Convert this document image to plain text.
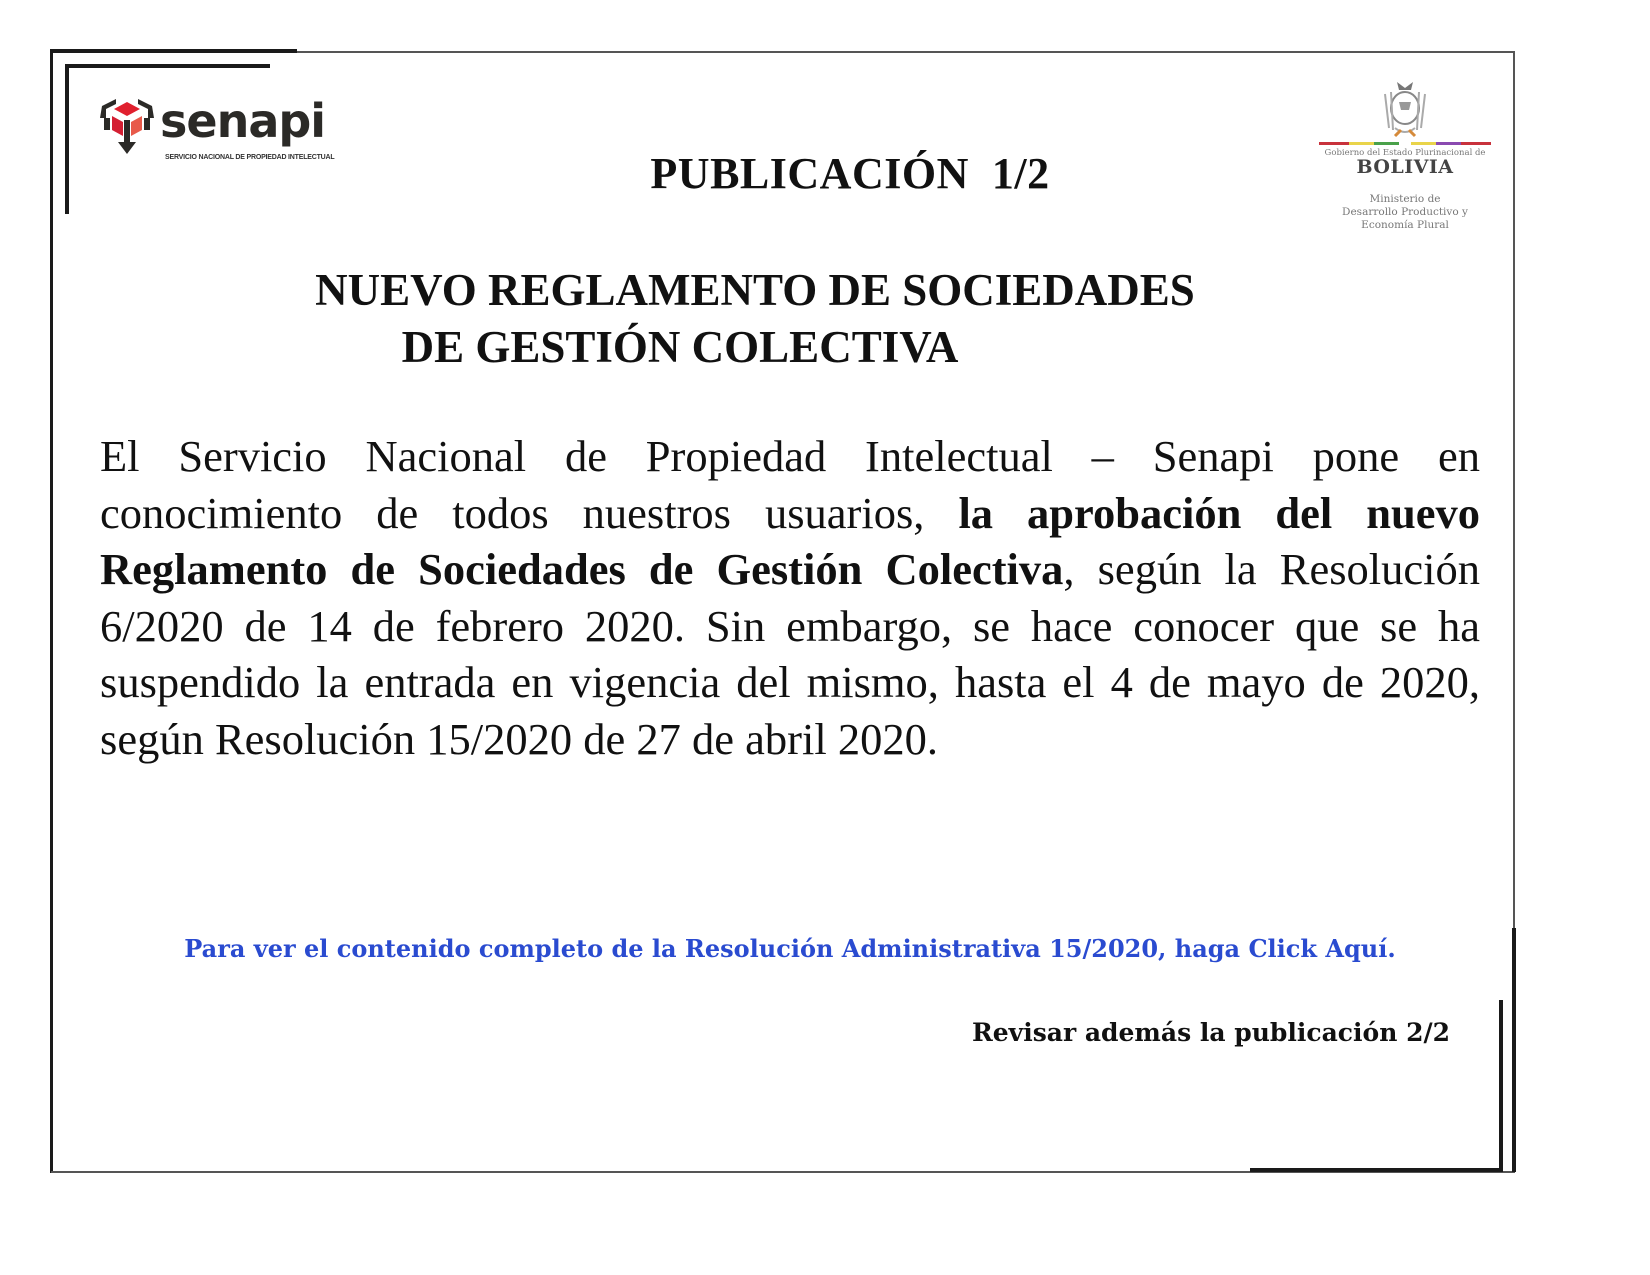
senapi
SERVICIO NACIONAL DE PROPIEDAD INTELECTUAL	Gobierno del Estado Plurinacional de
BOLIVIA
Ministerio de
Desarrollo Productivo y
Economía Plural
PUBLICACIÓN  1/2
NUEVO REGLAMENTO DE SOCIEDADES
DE GESTIÓN COLECTIVA

El Servicio Nacional de Propiedad Intelectual – Senapi pone en conocimiento de todos nuestros usuarios, la aprobación del nuevo Reglamento de Sociedades de Gestión Colectiva, según la Resolución 6/2020 de 14 de febrero 2020. Sin embargo, se hace conocer que se ha suspendido la entrada en vigencia del mismo, hasta el 4 de mayo de 2020, según Resolución 15/2020 de 27 de abril 2020.

Para ver el contenido completo de la Resolución Administrativa 15/2020, haga Click Aquí.
Revisar además la publicación 2/2
